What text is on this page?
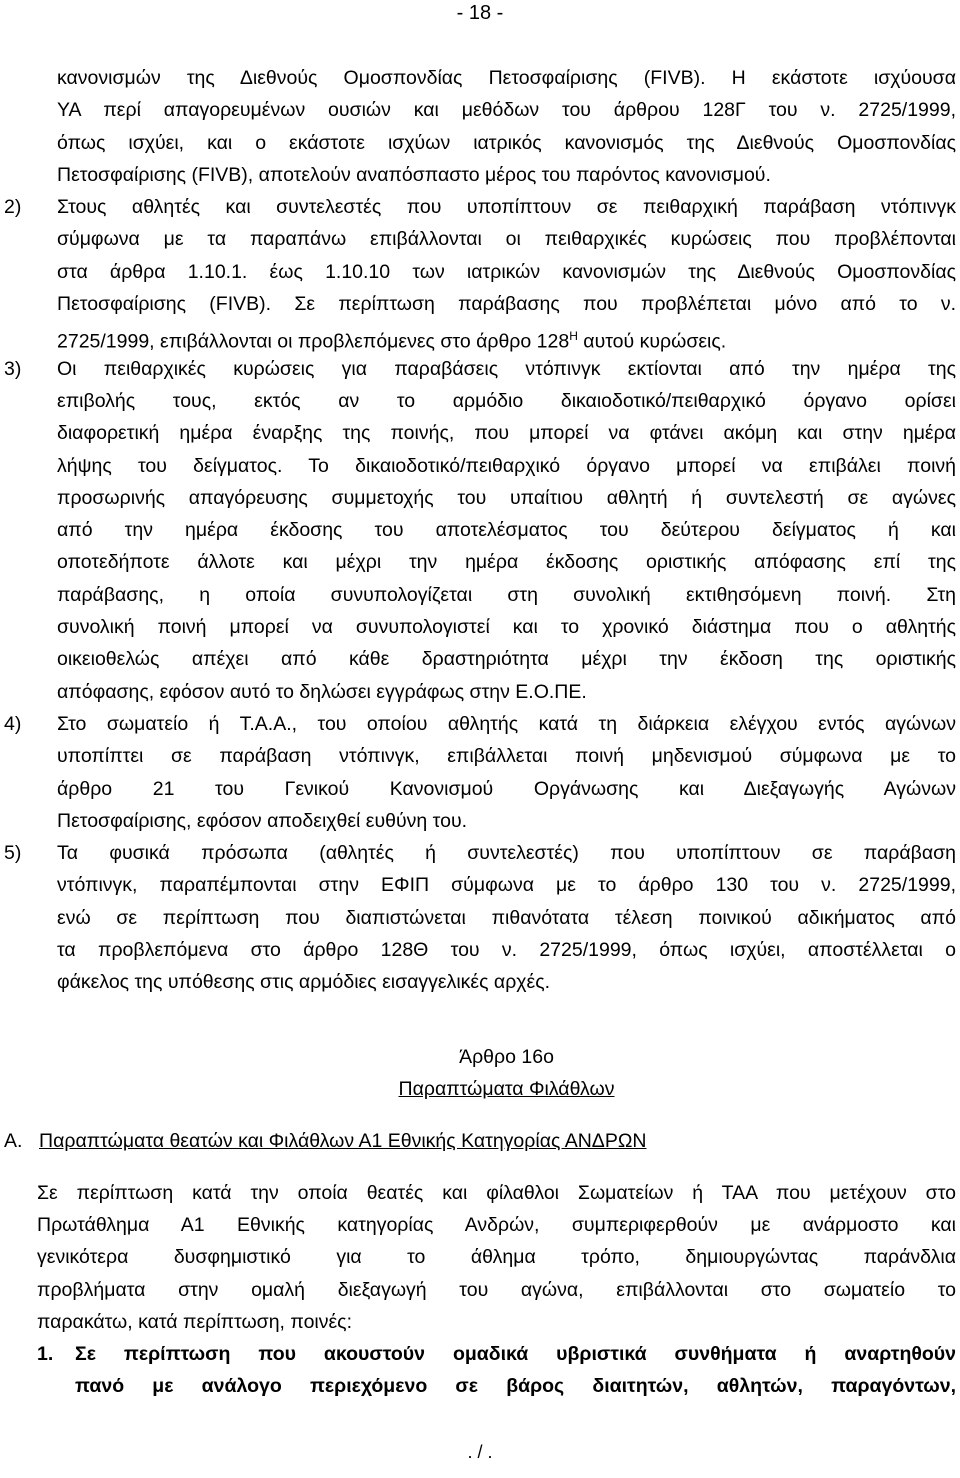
- 18 -
κανονισμών της Διεθνούς Ομοσπονδίας Πετοσφαίρισης (FIVB). Η εκάστοτε ισχύουσα
ΥΑ περί απαγορευμένων ουσιών και μεθόδων του άρθρου 128Γ του ν. 2725/1999,
όπως ισχύει, και ο εκάστοτε ισχύων ιατρικός κανονισμός της Διεθνούς Ομοσπονδίας
Πετοσφαίρισης (FIVB), αποτελούν αναπόσπαστο μέρος του παρόντος κανονισμού.
2) Στους αθλητές και συντελεστές που υποπίπτουν σε πειθαρχική παράβαση ντόπινγκ
σύμφωνα με τα παραπάνω επιβάλλονται οι πειθαρχικές κυρώσεις που προβλέπονται
στα άρθρα 1.10.1. έως 1.10.10 των ιατρικών κανονισμών της Διεθνούς Ομοσπονδίας
Πετοσφαίρισης (FIVB). Σε περίπτωση παράβασης που προβλέπεται μόνο από το ν.
2725/1999, επιβάλλονται οι προβλεπόμενες στο άρθρο $128^H$ αυτού κυρώσεις.
3) Οι πειθαρχικές κυρώσεις για παραβάσεις ντόπινγκ εκτίονται από την ημέρα της
επιβολής τους, εκτός αν το αρμόδιο δικαιοδοτικό/πειθαρχικό όργανο ορίσει
διαφορετική ημέρα έναρξης της ποινής, που μπορεί να φτάνει ακόμη και στην ημέρα
λήψης του δείγματος. Το δικαιοδοτικό/πειθαρχικό όργανο μπορεί να επιβάλει ποινή
προσωρινής απαγόρευσης συμμετοχής του υπαίτιου αθλητή ή συντελεστή σε αγώνες
από την ημέρα έκδοσης του αποτελέσματος του δεύτερου δείγματος ή και
οποτεδήποτε άλλοτε και μέχρι την ημέρα έκδοσης οριστικής απόφασης επί της
παράβασης, η οποία συνυπολογίζεται στη συνολική εκτιθησόμενη ποινή. Στη
συνολική ποινή μπορεί να συνυπολογιστεί και το χρονικό διάστημα που ο αθλητής
οικειοθελώς απέχει από κάθε δραστηριότητα μέχρι την έκδοση της οριστικής
απόφασης, εφόσον αυτό το δηλώσει εγγράφως στην Ε.Ο.ΠΕ.
4) Στο σωματείο ή Τ.Α.Α., του οποίου αθλητής κατά τη διάρκεια ελέγχου εντός αγώνων
υποπίπτει σε παράβαση ντόπινγκ, επιβάλλεται ποινή μηδενισμού σύμφωνα με το
άρθρο 21 του Γενικού Κανονισμού Οργάνωσης και Διεξαγωγής Αγώνων
Πετοσφαίρισης, εφόσον αποδειχθεί ευθύνη του.
5) Τα φυσικά πρόσωπα (αθλητές ή συντελεστές) που υποπίπτουν σε παράβαση
ντόπινγκ, παραπέμπονται στην ΕΦΙΠ σύμφωνα με το άρθρο 130 του ν. 2725/1999,
ενώ σε περίπτωση που διαπιστώνεται πιθανότατα τέλεση ποινικού αδικήματος από
τα προβλεπόμενα στο άρθρο 128Θ του ν. 2725/1999, όπως ισχύει, αποστέλλεται ο
φάκελος της υπόθεσης στις αρμόδιες εισαγγελικές αρχές.
Άρθρο 16ο
Παραπτώματα Φιλάθλων
Α. Παραπτώματα θεατών και Φιλάθλων Α1 Εθνικής Κατηγορίας ΑΝΔΡΩΝ
Σε περίπτωση κατά την οποία θεατές και φίλαθλοι Σωματείων ή ΤΑΑ που μετέχουν στο
Πρωτάθλημα Α1 Εθνικής κατηγορίας Ανδρών, συμπεριφερθούν με ανάρμοστο και
γενικότερα δυσφημιστικό για το άθλημα τρόπο, δημιουργώντας παράνδλια
προβλήματα στην ομαλή διεξαγωγή του αγώνα, επιβάλλονται στο σωματείο το
παρακάτω, κατά περίπτωση, ποινές:
1. Σε περίπτωση που ακουστούν ομαδικά υβριστικά συνθήματα ή αναρτηθούν
πανό με ανάλογο περιεχόμενο σε βάρος διαιτητών, αθλητών, παραγόντων,
. / .
